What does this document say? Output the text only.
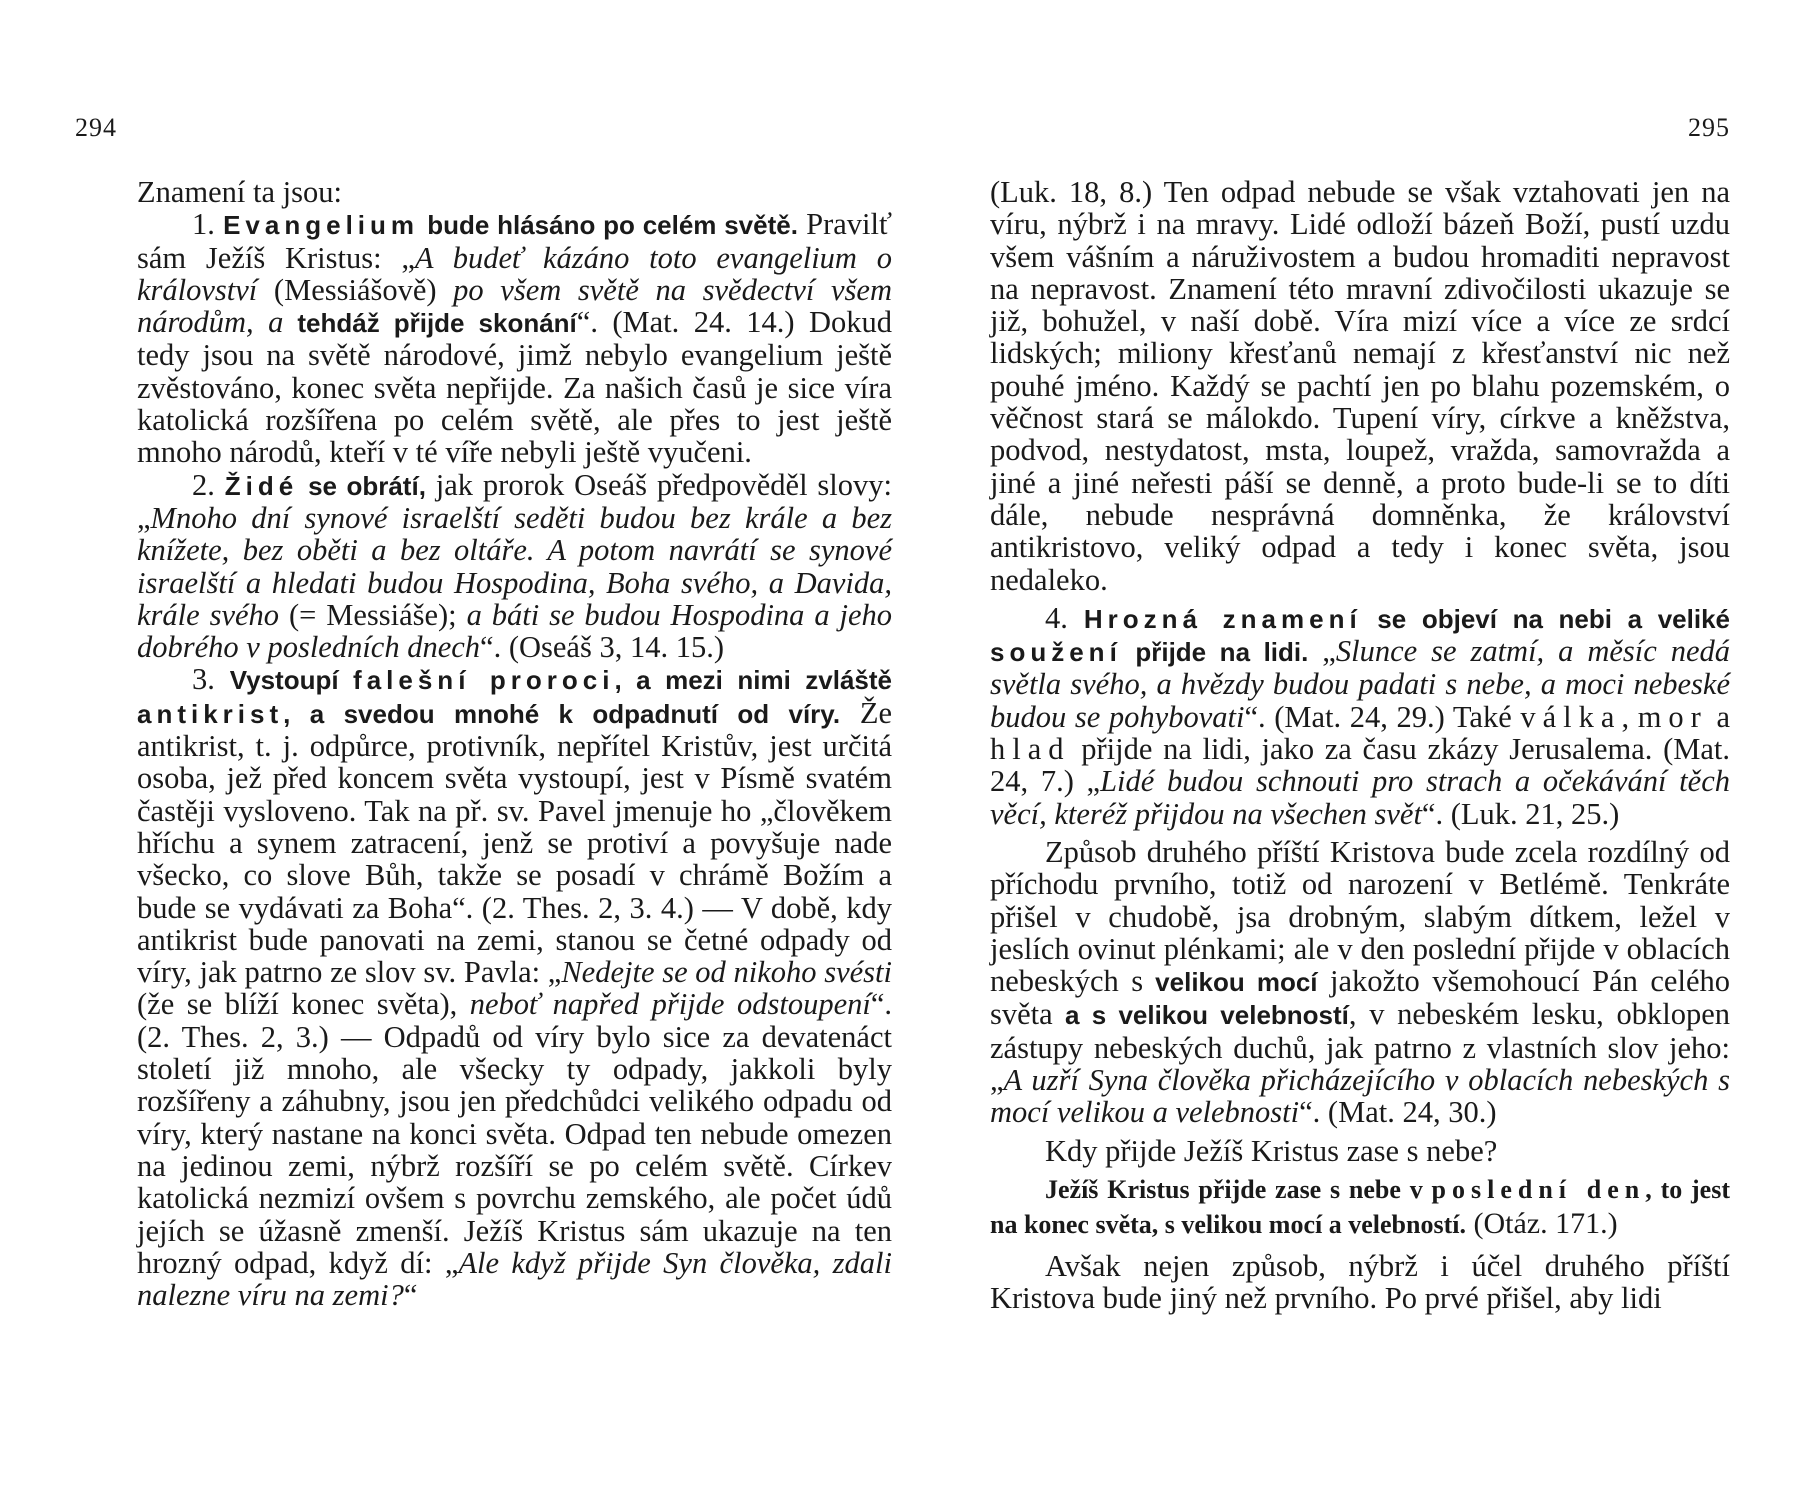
294

Znamení ta jsou:

1. Evangelium bude hlásáno po celém světě. Pravilť sám Ježíš Kristus: „A budeť kázáno toto evangelium o království (Messiášově) po všem světě na svědectví všem národům, a tehdáž přijde skonání“. (Mat. 24. 14.) Dokud tedy jsou na světě národové, jimž nebylo evangelium ještě zvěstováno, konec světa nepřijde. Za našich časů je sice víra katolická rozšířena po celém světě, ale přes to jest ještě mnoho národů, kteří v té víře nebyli ještě vyučeni.

2. Židé se obrátí, jak prorok Oseáš předpověděl slovy: „Mnoho dní synové israelští seděti budou bez krále a bez knížete, bez oběti a bez oltáře. A potom navrátí se synové israelští a hledati budou Hospodina, Boha svého, a Davida, krále svého (= Messiáše); a báti se budou Hospodina a jeho dobrého v posledních dnech“. (Oseáš 3, 14. 15.)

3. Vystoupí falešní proroci, a mezi nimi zvláště antikrist, a svedou mnohé k odpadnutí od víry. Že antikrist, t. j. odpůrce, protivník, nepřítel Kristův, jest určitá osoba, jež před koncem světa vystoupí, jest v Písmě svatém častěji vysloveno. Tak na př. sv. Pavel jmenuje ho „člověkem hříchu a synem zatracení, jenž se protiví a povyšuje nade všecko, co slove Bůh, takže se posadí v chrámě Božím a bude se vydávati za Boha“. (2. Thes. 2, 3. 4.) — V době, kdy antikrist bude panovati na zemi, stanou se četné odpady od víry, jak patrno ze slov sv. Pavla: „Nedejte se od nikoho svésti (že se blíží konec světa), neboť napřed přijde odstoupení“. (2. Thes. 2, 3.) — Odpadů od víry bylo sice za devatenáct století již mnoho, ale všecky ty odpady, jakkoli byly rozšířeny a záhubny, jsou jen předchůdci velikého odpadu od víry, který nastane na konci světa. Odpad ten nebude omezen na jedinou zemi, nýbrž rozšíří se po celém světě. Církev katolická nezmizí ovšem s povrchu zemského, ale počet údů jejích se úžasně zmenší. Ježíš Kristus sám ukazuje na ten hrozný odpad, když dí: „Ale když přijde Syn člověka, zdali nalezne víru na zemi?“

295

(Luk. 18, 8.) Ten odpad nebude se však vztahovati jen na víru, nýbrž i na mravy. Lidé odloží bázeň Boží, pustí uzdu všem vášním a náruživostem a budou hromaditi nepravost na nepravost. Znamení této mravní zdivočilosti ukazuje se již, bohužel, v naší době. Víra mizí více a více ze srdcí lidských; miliony křesťanů nemají z křesťanství nic než pouhé jméno. Každý se pachtí jen po blahu pozemském, o věčnost stará se málokdo. Tupení víry, církve a kněžstva, podvod, nestydatost, msta, loupež, vražda, samovražda a jiné a jiné neřesti páší se denně, a proto bude-li se to díti dále, nebude nesprávná domněnka, že království antikristovo, veliký odpad a tedy i konec světa, jsou nedaleko.

4. Hrozná znamení se objeví na nebi a veliké soužení přijde na lidi. „Slunce se zatmí, a měsíc nedá světla svého, a hvězdy budou padati s nebe, a moci nebeské budou se pohybovati“. (Mat. 24, 29.) Také válka, mor a hlad přijde na lidi, jako za času zkázy Jerusalema. (Mat. 24, 7.) „Lidé budou schnouti pro strach a očekávání těch věcí, kteréž přijdou na všechen svět“. (Luk. 21, 25.)

Způsob druhého příští Kristova bude zcela rozdílný od příchodu prvního, totiž od narození v Betlémě. Tenkráte přišel v chudobě, jsa drobným, slabým dítkem, ležel v jeslích ovinut plénkami; ale v den poslední přijde v oblacích nebeských s velikou mocí jakožto všemohoucí Pán celého světa a s velikou velebností, v nebeském lesku, obklopen zástupy nebeských duchů, jak patrno z vlastních slov jeho: „A uzří Syna člověka přicházejícího v oblacích nebeských s mocí velikou a velebnosti“. (Mat. 24, 30.)

Kdy přijde Ježíš Kristus zase s nebe?

Ježíš Kristus přijde zase s nebe v poslední den, to jest na konec světa, s velikou mocí a velebností. (Otáz. 171.)

Avšak nejen způsob, nýbrž i účel druhého příští Kristova bude jiný než prvního. Po prvé přišel, aby lidi
